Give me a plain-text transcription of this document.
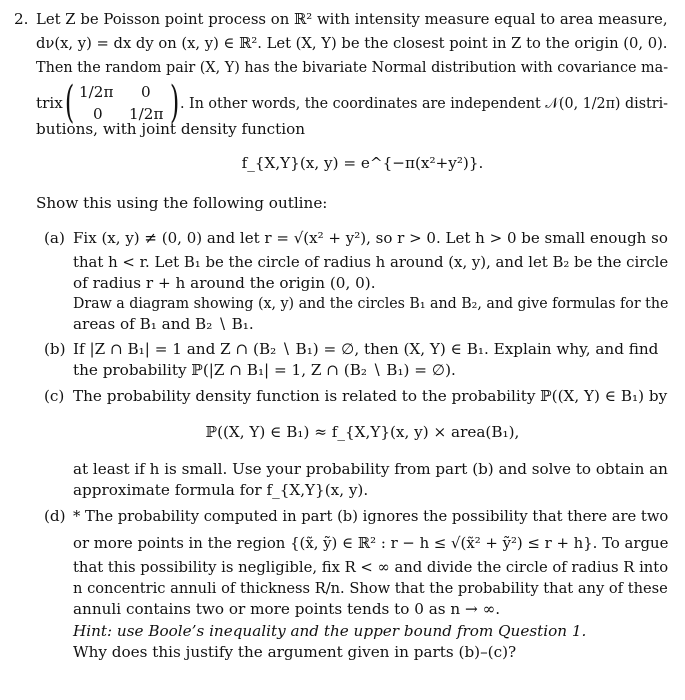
2. Let Z be Poisson point process on ℝ² with intensity measure equal to area measure,
dν(x, y) = dx dy on (x, y) ∈ ℝ². Let (X, Y) be the closest point in Z to the origin (0, 0).
Then the random pair (X, Y) has the bivariate Normal distribution with covariance ma-
trix ( 1/2π 0
0 1/2π ) . In other words, the coordinates are independent 𝒩(0, 1/2π) distri-
butions, with joint density function
f_{X,Y}(x, y) = e^{−π(x²+y²)}.
Show this using the following outline:
(a) Fix (x, y) ≠ (0, 0) and let r = √(x² + y²), so r > 0. Let h > 0 be small enough so
that h < r. Let B₁ be the circle of radius h around (x, y), and let B₂ be the circle
of radius r + h around the origin (0, 0).
Draw a diagram showing (x, y) and the circles B₁ and B₂, and give formulas for the
areas of B₁ and B₂ ∖ B₁.
(b) If |Z ∩ B₁| = 1 and Z ∩ (B₂ ∖ B₁) = ∅, then (X, Y) ∈ B₁. Explain why, and find
the probability ℙ(|Z ∩ B₁| = 1, Z ∩ (B₂ ∖ B₁) = ∅).
(c) The probability density function is related to the probability ℙ((X, Y) ∈ B₁) by
ℙ((X, Y) ∈ B₁) ≈ f_{X,Y}(x, y) × area(B₁),
at least if h is small. Use your probability from part (b) and solve to obtain an
approximate formula for f_{X,Y}(x, y).
(d) * The probability computed in part (b) ignores the possibility that there are two
or more points in the region {(x̃, ỹ) ∈ ℝ² : r − h ≤ √(x̃² + ỹ²) ≤ r + h}. To argue
that this possibility is negligible, fix R < ∞ and divide the circle of radius R into
n concentric annuli of thickness R/n. Show that the probability that any of these
annuli contains two or more points tends to 0 as n → ∞.
Hint: use Boole’s inequality and the upper bound from Question 1.
Why does this justify the argument given in parts (b)–(c)?
